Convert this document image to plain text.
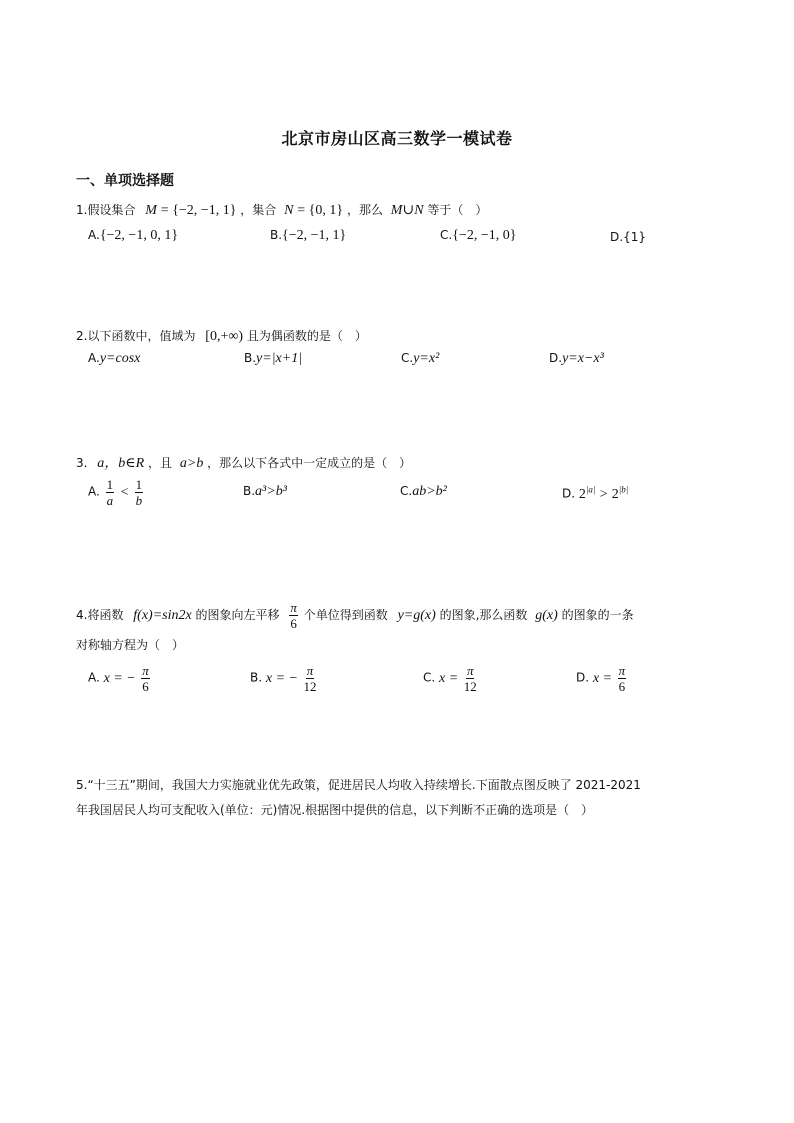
北京市房山区高三数学一模试卷
一、单项选择题
1.假设集合 M = {−2, −1, 1} ，集合 N = {0, 1} ，那么 M∪N 等于（　）
A.{−2, −1, 0, 1}	B.{−2, −1, 1}	C.{−2, −1, 0}	D.{1}
2.以下函数中，值域为 [0,+∞) 且为偶函数的是（　）
A.y=cosx	B.y=|x+1|	C.y=x²	D.y=x−x³
3. a，b∈R ，且 a>b ，那么以下各式中一定成立的是（　）
A. $\frac{1}{a} < \frac{1}{b}$	B.a³>b³	C.ab>b²	D. $2^{|a|} > 2^{|b|}$
4.将函数 f(x)=sin2x 的图象向左平移 $\frac{\pi}{6}$ 个单位得到函数 y=g(x) 的图象,那么函数 g(x) 的图象的一条
对称轴方程为（　）
A. x = − $\frac{\pi}{6}$	B. x = − $\frac{\pi}{12}$	C. $x = \frac{\pi}{12}$	D. $x = \frac{\pi}{6}$
5.“十三五”期间，我国大力实施就业优先政策，促进居民人均收入持续增长.下面散点图反映了 2021-2021
年我国居民人均可支配收入(单位：元)情况.根据图中提供的信息，以下判断不正确的选项是（　）
